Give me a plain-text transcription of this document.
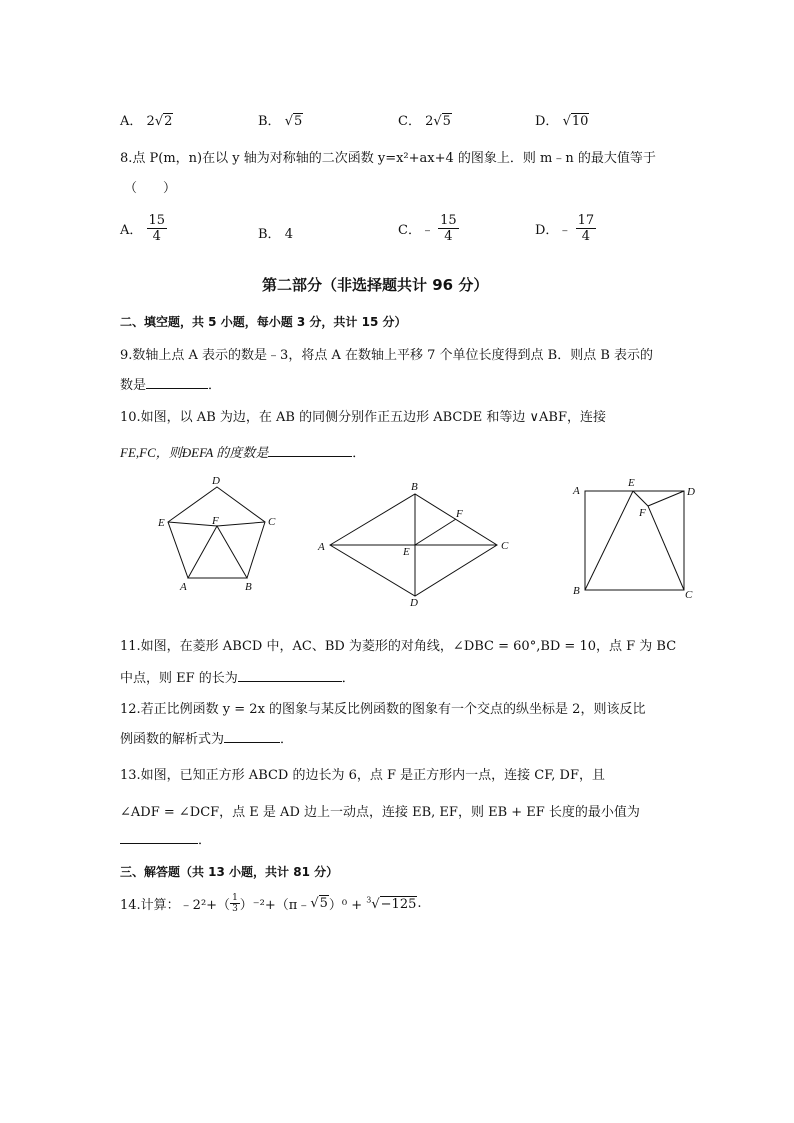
A． 2√2	B． √5	C． 2√5	D． √10
8.点 P(m，n)在以 y 轴为对称轴的二次函数 y=x²+ax+4 的图象上．则 m﹣n 的最大值等于
（　　）
A． $\frac{15}{4}$	B． 4	C．﹣ $\frac{15}{4}$	D．﹣ $\frac{17}{4}$
第二部分（非选择题共计 96 分）
二、填空题，共 5 小题，每小题 3 分，共计 15 分）
9.数轴上点 A 表示的数是﹣3，将点 A 在数轴上平移 7 个单位长度得到点 B．则点 B 表示的
数是	．
10.如图，以 AB 为边，在 AB 的同侧分别作正五边形 ABCDE 和等边 ∨ABF，连接
FE,FC，则ÐEFA 的度数是	．
D
C
E	F
A	B
B
F
A	C
E
D
A
E
D
F
B	C
11.如图，在菱形 ABCD 中，AC、BD 为菱形的对角线，∠DBC = 60°,BD = 10，点 F 为 BC
中点，则 EF 的长为	．
12.若正比例函数 y = 2x 的图象与某反比例函数的图象有一个交点的纵坐标是 2，则该反比
例函数的解析式为	．
13.如图，已知正方形 ABCD 的边长为 6，点 F 是正方形内一点，连接 CF, DF，且
∠ADF = ∠DCF，点 E 是 AD 边上一动点，连接 EB, EF，则 EB + EF 长度的最小值为
．
三、解答题（共 13 小题，共计 81 分）
14.计算：﹣2²+（ $\frac{1}{3}$ ）⁻²+（π﹣√5）⁰ + $^3$√−125.
